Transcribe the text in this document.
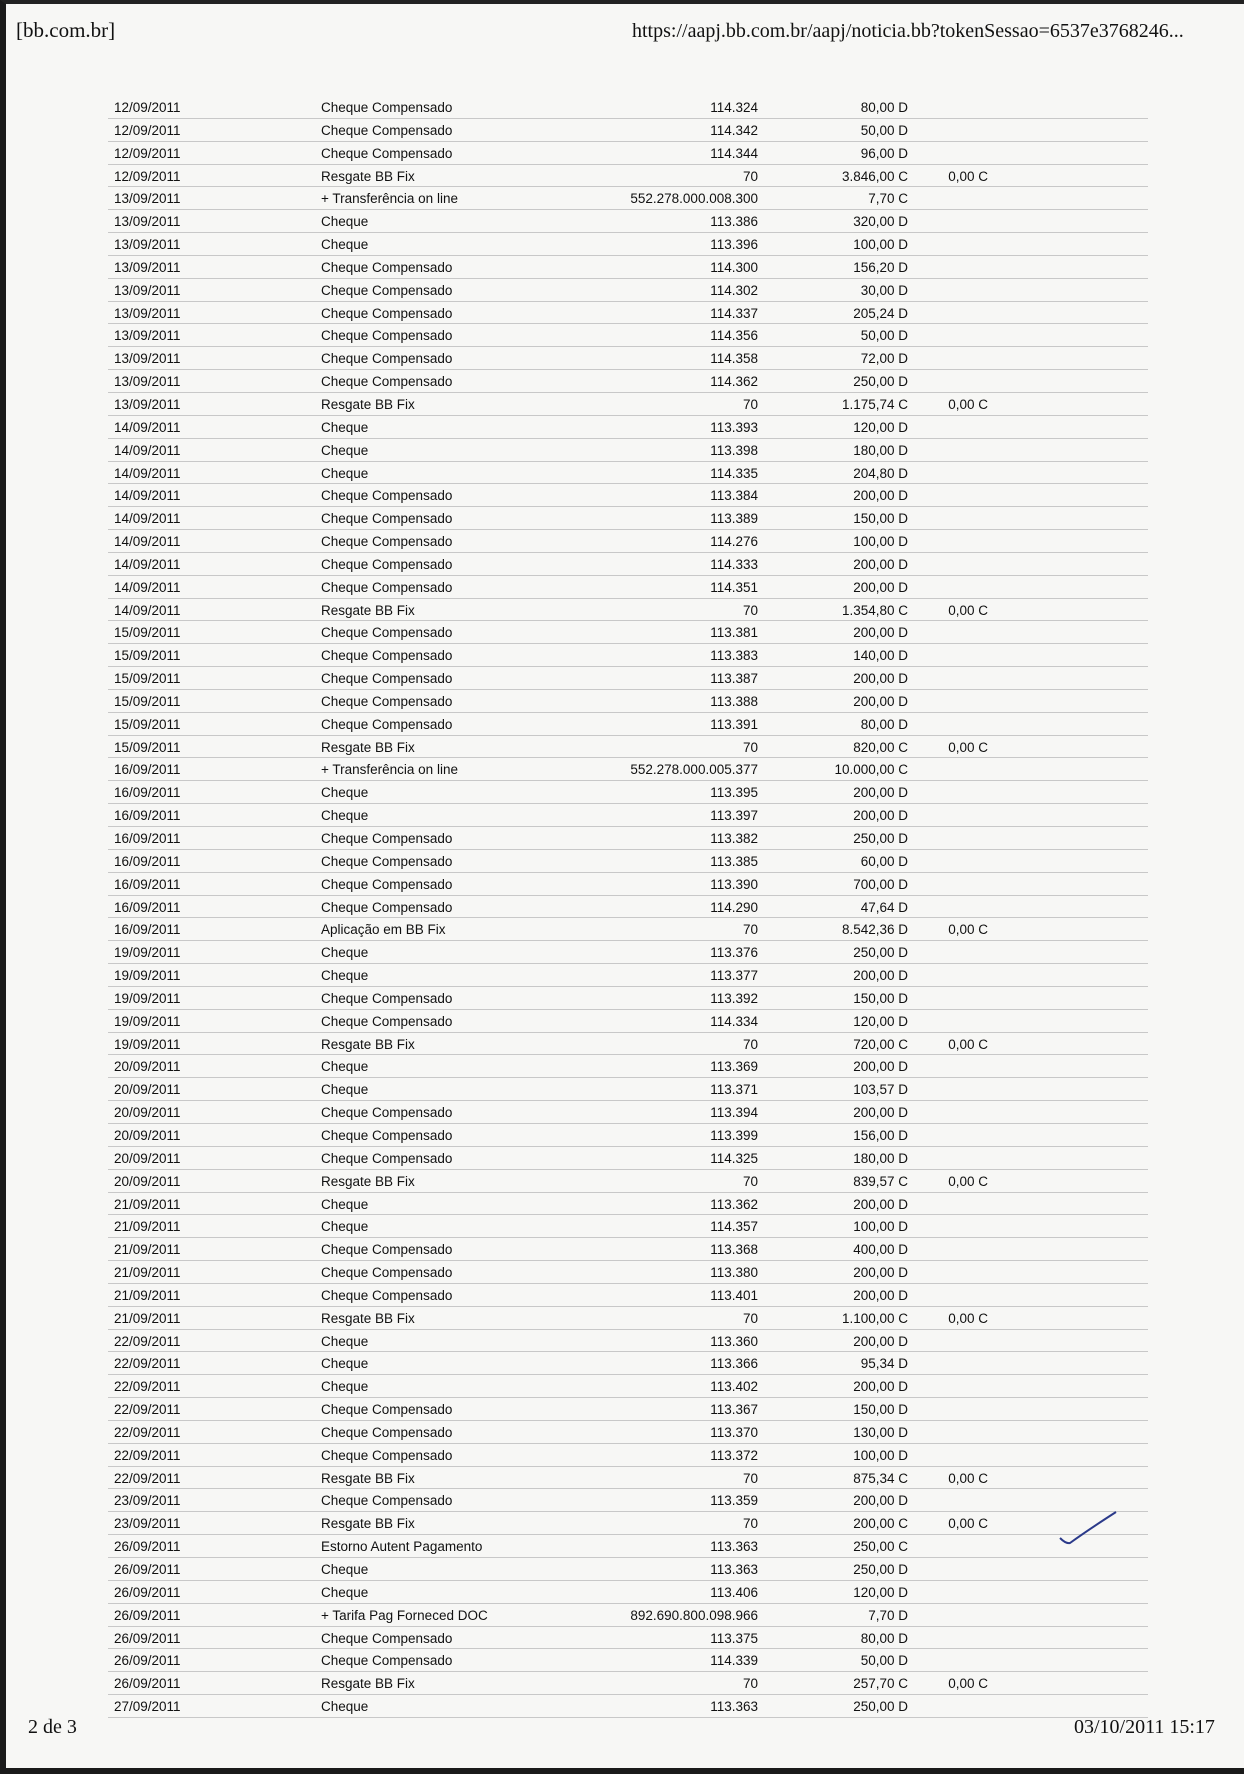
[bb.com.br]	https://aapj.bb.com.br/aapj/noticia.bb?tokenSessao=6537e3768246...
12/09/2011	Cheque Compensado	114.324	80,00 D
12/09/2011	Cheque Compensado	114.342	50,00 D
12/09/2011	Cheque Compensado	114.344	96,00 D
12/09/2011	Resgate BB Fix	70	3.846,00 C	0,00 C
13/09/2011	+ Transferência on line	552.278.000.008.300	7,70 C
13/09/2011	Cheque	113.386	320,00 D
13/09/2011	Cheque	113.396	100,00 D
13/09/2011	Cheque Compensado	114.300	156,20 D
13/09/2011	Cheque Compensado	114.302	30,00 D
13/09/2011	Cheque Compensado	114.337	205,24 D
13/09/2011	Cheque Compensado	114.356	50,00 D
13/09/2011	Cheque Compensado	114.358	72,00 D
13/09/2011	Cheque Compensado	114.362	250,00 D
13/09/2011	Resgate BB Fix	70	1.175,74 C	0,00 C
14/09/2011	Cheque	113.393	120,00 D
14/09/2011	Cheque	113.398	180,00 D
14/09/2011	Cheque	114.335	204,80 D
14/09/2011	Cheque Compensado	113.384	200,00 D
14/09/2011	Cheque Compensado	113.389	150,00 D
14/09/2011	Cheque Compensado	114.276	100,00 D
14/09/2011	Cheque Compensado	114.333	200,00 D
14/09/2011	Cheque Compensado	114.351	200,00 D
14/09/2011	Resgate BB Fix	70	1.354,80 C	0,00 C
15/09/2011	Cheque Compensado	113.381	200,00 D
15/09/2011	Cheque Compensado	113.383	140,00 D
15/09/2011	Cheque Compensado	113.387	200,00 D
15/09/2011	Cheque Compensado	113.388	200,00 D
15/09/2011	Cheque Compensado	113.391	80,00 D
15/09/2011	Resgate BB Fix	70	820,00 C	0,00 C
16/09/2011	+ Transferência on line	552.278.000.005.377	10.000,00 C
16/09/2011	Cheque	113.395	200,00 D
16/09/2011	Cheque	113.397	200,00 D
16/09/2011	Cheque Compensado	113.382	250,00 D
16/09/2011	Cheque Compensado	113.385	60,00 D
16/09/2011	Cheque Compensado	113.390	700,00 D
16/09/2011	Cheque Compensado	114.290	47,64 D
16/09/2011	Aplicação em BB Fix	70	8.542,36 D	0,00 C
19/09/2011	Cheque	113.376	250,00 D
19/09/2011	Cheque	113.377	200,00 D
19/09/2011	Cheque Compensado	113.392	150,00 D
19/09/2011	Cheque Compensado	114.334	120,00 D
19/09/2011	Resgate BB Fix	70	720,00 C	0,00 C
20/09/2011	Cheque	113.369	200,00 D
20/09/2011	Cheque	113.371	103,57 D
20/09/2011	Cheque Compensado	113.394	200,00 D
20/09/2011	Cheque Compensado	113.399	156,00 D
20/09/2011	Cheque Compensado	114.325	180,00 D
20/09/2011	Resgate BB Fix	70	839,57 C	0,00 C
21/09/2011	Cheque	113.362	200,00 D
21/09/2011	Cheque	114.357	100,00 D
21/09/2011	Cheque Compensado	113.368	400,00 D
21/09/2011	Cheque Compensado	113.380	200,00 D
21/09/2011	Cheque Compensado	113.401	200,00 D
21/09/2011	Resgate BB Fix	70	1.100,00 C	0,00 C
22/09/2011	Cheque	113.360	200,00 D
22/09/2011	Cheque	113.366	95,34 D
22/09/2011	Cheque	113.402	200,00 D
22/09/2011	Cheque Compensado	113.367	150,00 D
22/09/2011	Cheque Compensado	113.370	130,00 D
22/09/2011	Cheque Compensado	113.372	100,00 D
22/09/2011	Resgate BB Fix	70	875,34 C	0,00 C
23/09/2011	Cheque Compensado	113.359	200,00 D
23/09/2011	Resgate BB Fix	70	200,00 C	0,00 C
26/09/2011	Estorno Autent Pagamento	113.363	250,00 C
26/09/2011	Cheque	113.363	250,00 D
26/09/2011	Cheque	113.406	120,00 D
26/09/2011	+ Tarifa Pag Forneced DOC	892.690.800.098.966	7,70 D
26/09/2011	Cheque Compensado	113.375	80,00 D
26/09/2011	Cheque Compensado	114.339	50,00 D
26/09/2011	Resgate BB Fix	70	257,70 C	0,00 C
27/09/2011	Cheque	113.363	250,00 D
2 de 3	03/10/2011 15:17
